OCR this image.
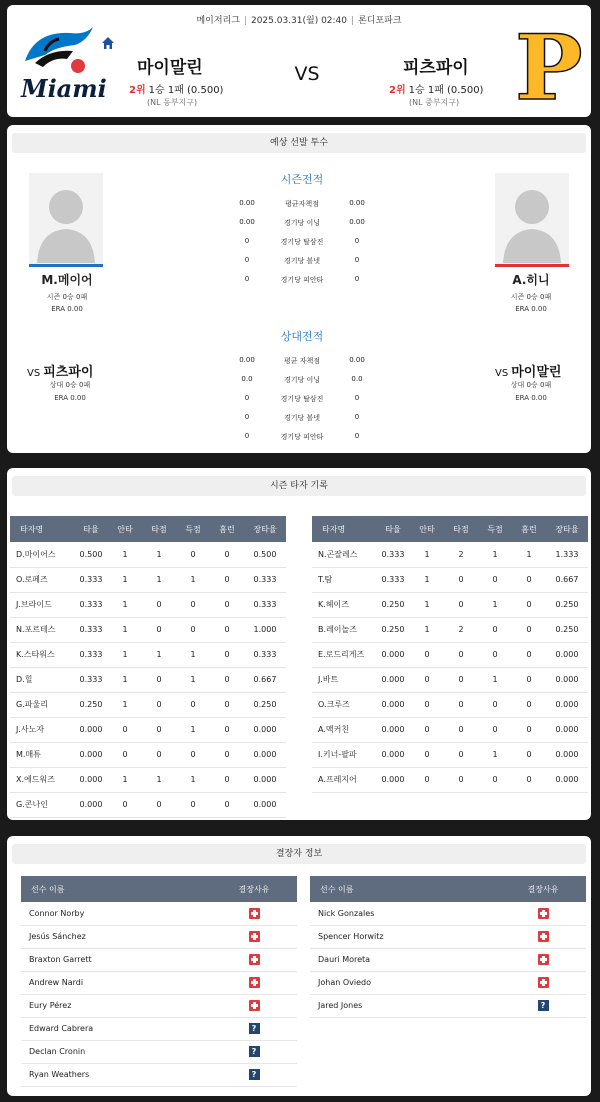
메이저리그 | 2025.03.31(월) 02:40 | 론디포파크
Miami
마이말린
2위 1승 1패 (0.500)
(NL 동부지구)
VS	피츠파이
2위 1승 1패 (0.500)
(NL 중부지구) P
예상 선발 투수
M.메이어
시즌 0승 0패
ERA 0.00
A.히니
시즌 0승 0패
ERA 0.00
시즌전적
상대전적
0.00	평균 자책점	0.00
0.0	경기당 이닝	0.0
0	경기당 탈삼진	0
0	경기당 볼넷	0
0	경기당 피안타	0
VS 피츠파이
상대 0승 0패
ERA 0.00
VS 마이말린
상대 0승 0패
ERA 0.00
0.00	평균자책점	0.00
0.00	경기당 이닝	0.00
0	경기당 탈삼진	0
0	경기당 볼넷	0
0	경기당 피안타	0
시즌 타자 기록
타자명	타율	안타	타점	득점	홈런	장타율
D.마이어스	0.500	1	1	0	0	0.500
O.로페즈	0.333	1	1	1	0	0.333
J.브라이드	0.333	1	0	0	0	0.333
N.포르테스	0.333	1	0	0	0	1.000
K.스타워스	0.333	1	1	1	0	0.333
D.힐	0.333	1	0	1	0	0.667
G.파울리	0.250	1	0	0	0	0.250
J.사노자	0.000	0	0	1	0	0.000
M.매튜	0.000	0	0	0	0	0.000
X.에드워즈	0.000	1	1	1	0	0.000
G.콘나인	0.000	0	0	0	0	0.000
타자명	타율	안타	타점	득점	홈런	장타율
N.곤잘레스	0.333	1	2	1	1	1.333
T.탐	0.333	1	0	0	0	0.667
K.헤이즈	0.250	1	0	1	0	0.250
B.레이놀즈	0.250	1	2	0	0	0.250
E.로드리게즈	0.000	0	0	0	0	0.000
J.바트	0.000	0	0	1	0	0.000
O.크루즈	0.000	0	0	0	0	0.000
A.맥커친	0.000	0	0	0	0	0.000
I.키너-팔파	0.000	0	0	1	0	0.000
A.프레지어	0.000	0	0	0	0	0.000
결장자 정보
선수 이름	결장사유
Connor Norby	
Jesús Sánchez	
Braxton Garrett	
Andrew Nardi	
Eury Pérez	
Edward Cabrera	?
Declan Cronin	?
Ryan Weathers	?
선수 이름	결장사유
Nick Gonzales	
Spencer Horwitz	
Dauri Moreta	
Johan Oviedo	
Jared Jones	?
